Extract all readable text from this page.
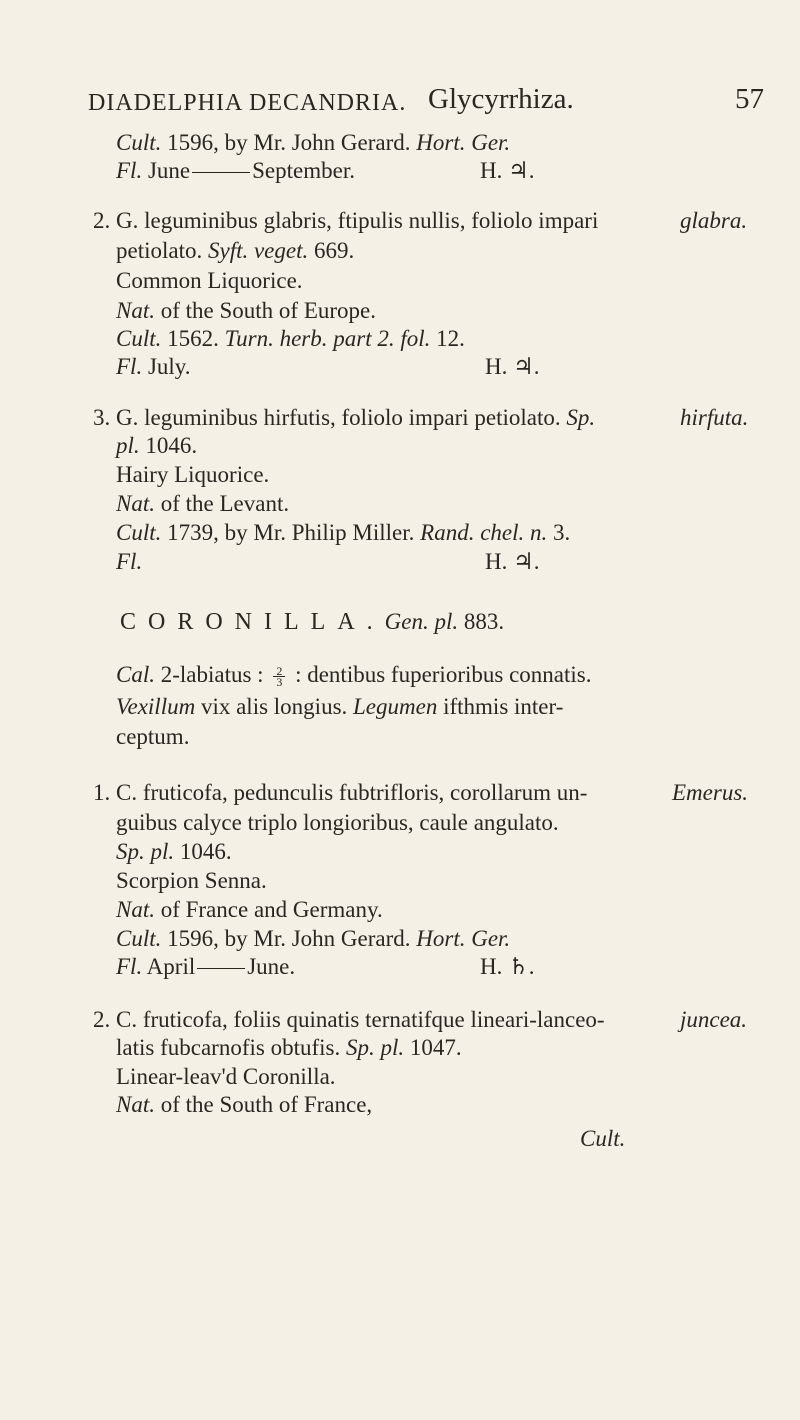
DIADELPHIA DECANDRIA. Glycyrrhiza.	57
Cult. 1596, by Mr. John Gerard. Hort. Ger.
Fl. June	September.	H. ♃.
2. G. leguminibus glabris, ftipulis nullis, foliolo impari	glabra.
petiolato. Syft. veget. 669.
Common Liquorice.
Nat. of the South of Europe.
Cult. 1562. Turn. herb. part 2. fol. 12.
Fl. July.	H. ♃.
3. G. leguminibus hirfutis, foliolo impari petiolato. Sp.	hirfuta.
pl. 1046.
Hairy Liquorice.
Nat. of the Levant.
Cult. 1739, by Mr. Philip Miller. Rand. chel. n. 3.
Fl.	H. ♃.
CORONILLA.Gen. pl. 883.
Cal. 2-labiatus : $\frac{2}{3}$ : dentibus fuperioribus connatis.
Vexillum vix alis longius. Legumen ifthmis inter-
ceptum.
1. C. fruticofa, pedunculis fubtrifloris, corollarum un-	Emerus.
guibus calyce triplo longioribus, caule angulato.
Sp. pl. 1046.
Scorpion Senna.
Nat. of France and Germany.
Cult. 1596, by Mr. John Gerard. Hort. Ger.
Fl. April June.	H. ♄.
2. C. fruticofa, foliis quinatis ternatifque lineari-lanceo-	juncea.
latis fubcarnofis obtufis. Sp. pl. 1047.
Linear-leav'd Coronilla.
Nat. of the South of France,
Cult.
